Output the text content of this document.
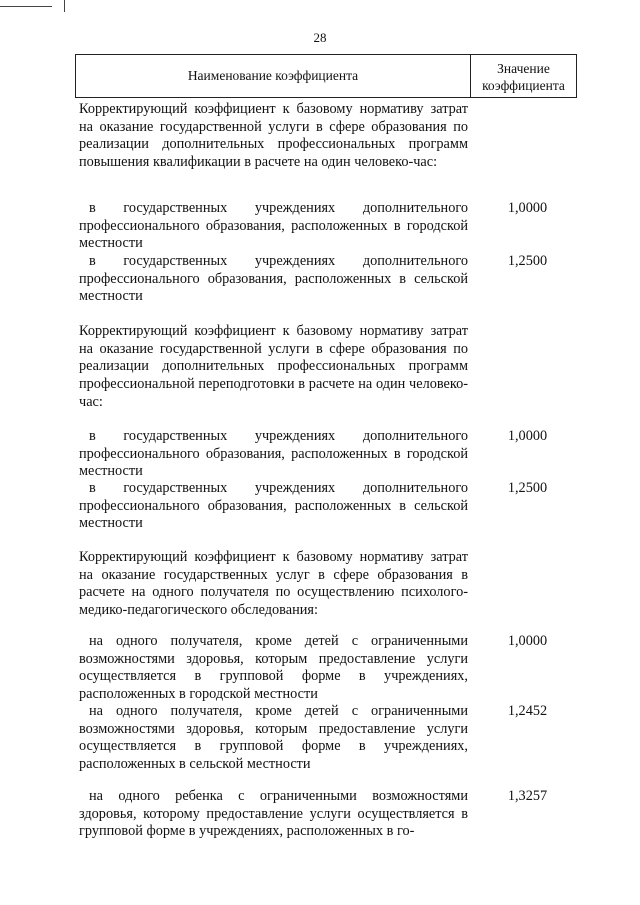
28
Наименование коэффициента	Значение
коэффициента
Корректирующий коэффициент к базовому нормативу затрат на оказание государственной услуги в сфере образования по реализации дополнительных профессиональных программ повышения квалификации в расчете на один человеко-час:
в государственных учреждениях дополнительного профессионального образования, расположенных в городской местности
1,0000
в государственных учреждениях дополнительного профессионального образования, расположенных в сельской местности
1,2500
Корректирующий коэффициент к базовому нормативу затрат на оказание государственной услуги в сфере образования по реализации дополнительных профессиональных программ профессиональной переподготовки в расчете на один человеко-час:
в государственных учреждениях дополнительного профессионального образования, расположенных в городской местности
1,0000
в государственных учреждениях дополнительного профессионального образования, расположенных в сельской местности
1,2500
Корректирующий коэффициент к базовому нормативу затрат на оказание государственных услуг в сфере образования в расчете на одного получателя по осуществлению психолого-медико-педагогического обследования:
на одного получателя, кроме детей с ограниченными возможностями здоровья, которым предоставление услуги осуществляется в групповой форме в учреждениях, расположенных в городской местности
1,0000
на одного получателя, кроме детей с ограниченными возможностями здоровья, которым предоставление услуги осуществляется в групповой форме в учреждениях, расположенных в сельской местности
1,2452
на одного ребенка с ограниченными возможностями здоровья, которому предоставление услуги осуществляется в групповой форме в учреждениях, расположенных в го-
1,3257
